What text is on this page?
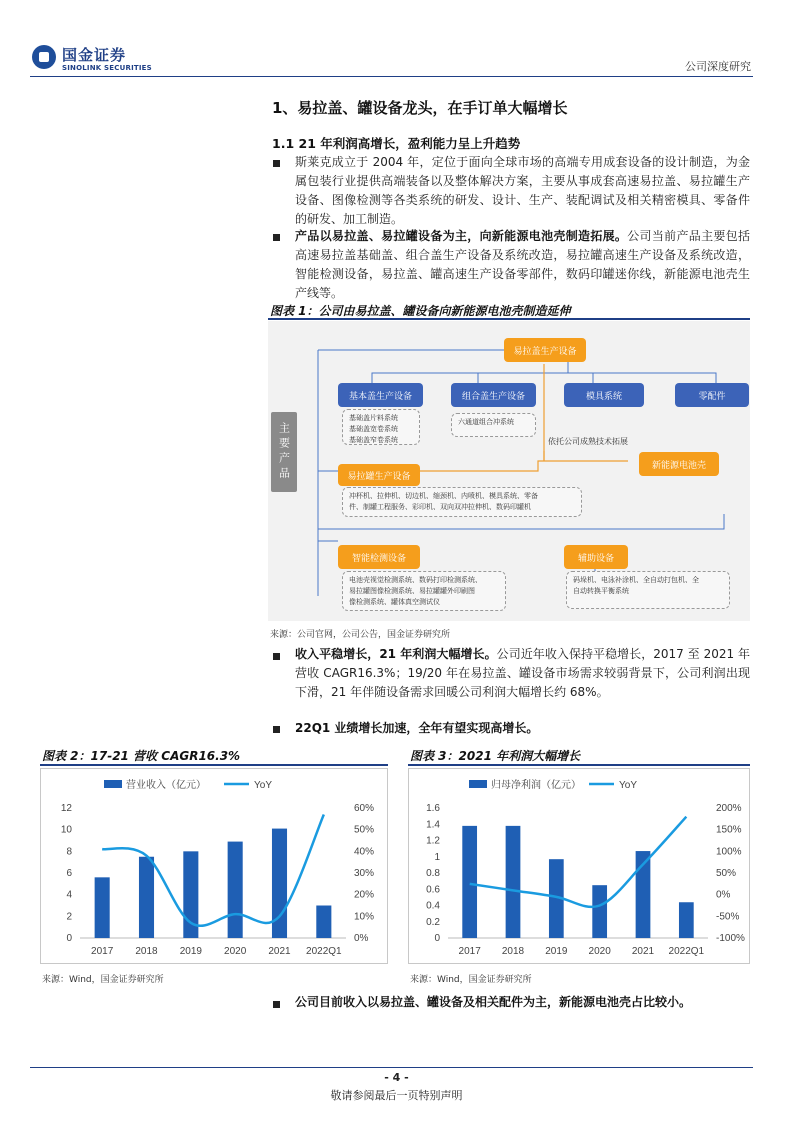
国金证券
SINOLINK SECURITIES	公司深度研究
1、易拉盖、罐设备龙头，在手订单大幅增长
1.1 21 年利润高增长，盈利能力呈上升趋势
斯莱克成立于 2004 年，定位于面向全球市场的高端专用成套设备的设计制造，为金属包装行业提供高端装备以及整体解决方案，主要从事成套高速易拉盖、易拉罐生产设备、图像检测等各类系统的研发、设计、生产、装配调试及相关精密模具、零备件的研发、加工制造。
产品以易拉盖、易拉罐设备为主，向新能源电池壳制造拓展。公司当前产品主要包括高速易拉盖基础盖、组合盖生产设备及系统改造，易拉罐高速生产设备及系统改造，智能检测设备，易拉盖、罐高速生产设备零部件，数码印罐迷你线，新能源电池壳生产线等。
图表 1：公司由易拉盖、罐设备向新能源电池壳制造延伸
主要产品
易拉盖生产设备
基本盖生产设备	组合盖生产设备	模具系统	零配件
基础盖片料系统
基础盖宽卷系统
基础盖窄卷系统
六通道组合冲系统
依托公司成熟技术拓展
新能源电池壳
易拉罐生产设备
冲杯机、拉伸机、切边机、缩颈机、内喷机、模具系统、零备
件、制罐工程服务、彩印机、双向双冲拉伸机、数码印罐机
智能检测设备
电池壳视觉检测系统、数码打印检测系统、
易拉罐图像检测系统、易拉罐罐外印刷图
像检测系统、罐体真空测试仪
辅助设备
码垛机、电泳补涂机、全自动打包机、全
自动转换平衡系统
来源：公司官网，公司公告，国金证券研究所
收入平稳增长，21 年利润大幅增长。公司近年收入保持平稳增长，2017 至 2021 年营收 CAGR16.3%；19/20 年在易拉盖、罐设备市场需求较弱背景下，公司利润出现下滑，21 年伴随设备需求回暖公司利润大幅增长约 68%。
22Q1 业绩增长加速，全年有望实现高增长。
图表 2：17-21 营收 CAGR16.3%	图表 3：2021 年利润大幅增长
营业收入（亿元）	YoY
0
2
4
6
8
10
12
0%
10%
20%
30%
40%
50%
60%
2017 2018 2019 2020 2021 2022Q1
归母净利润（亿元）	YoY
0
0.2
0.4
0.6
0.8
1
1.2
1.4
1.6
-100%
-50%
0%
50%
100%
150%
200%
2017 2018 2019 2020 2021 2022Q1
来源：Wind，国金证券研究所	来源：Wind，国金证券研究所
公司目前收入以易拉盖、罐设备及相关配件为主，新能源电池壳占比较小。
- 4 -
敬请参阅最后一页特别声明
